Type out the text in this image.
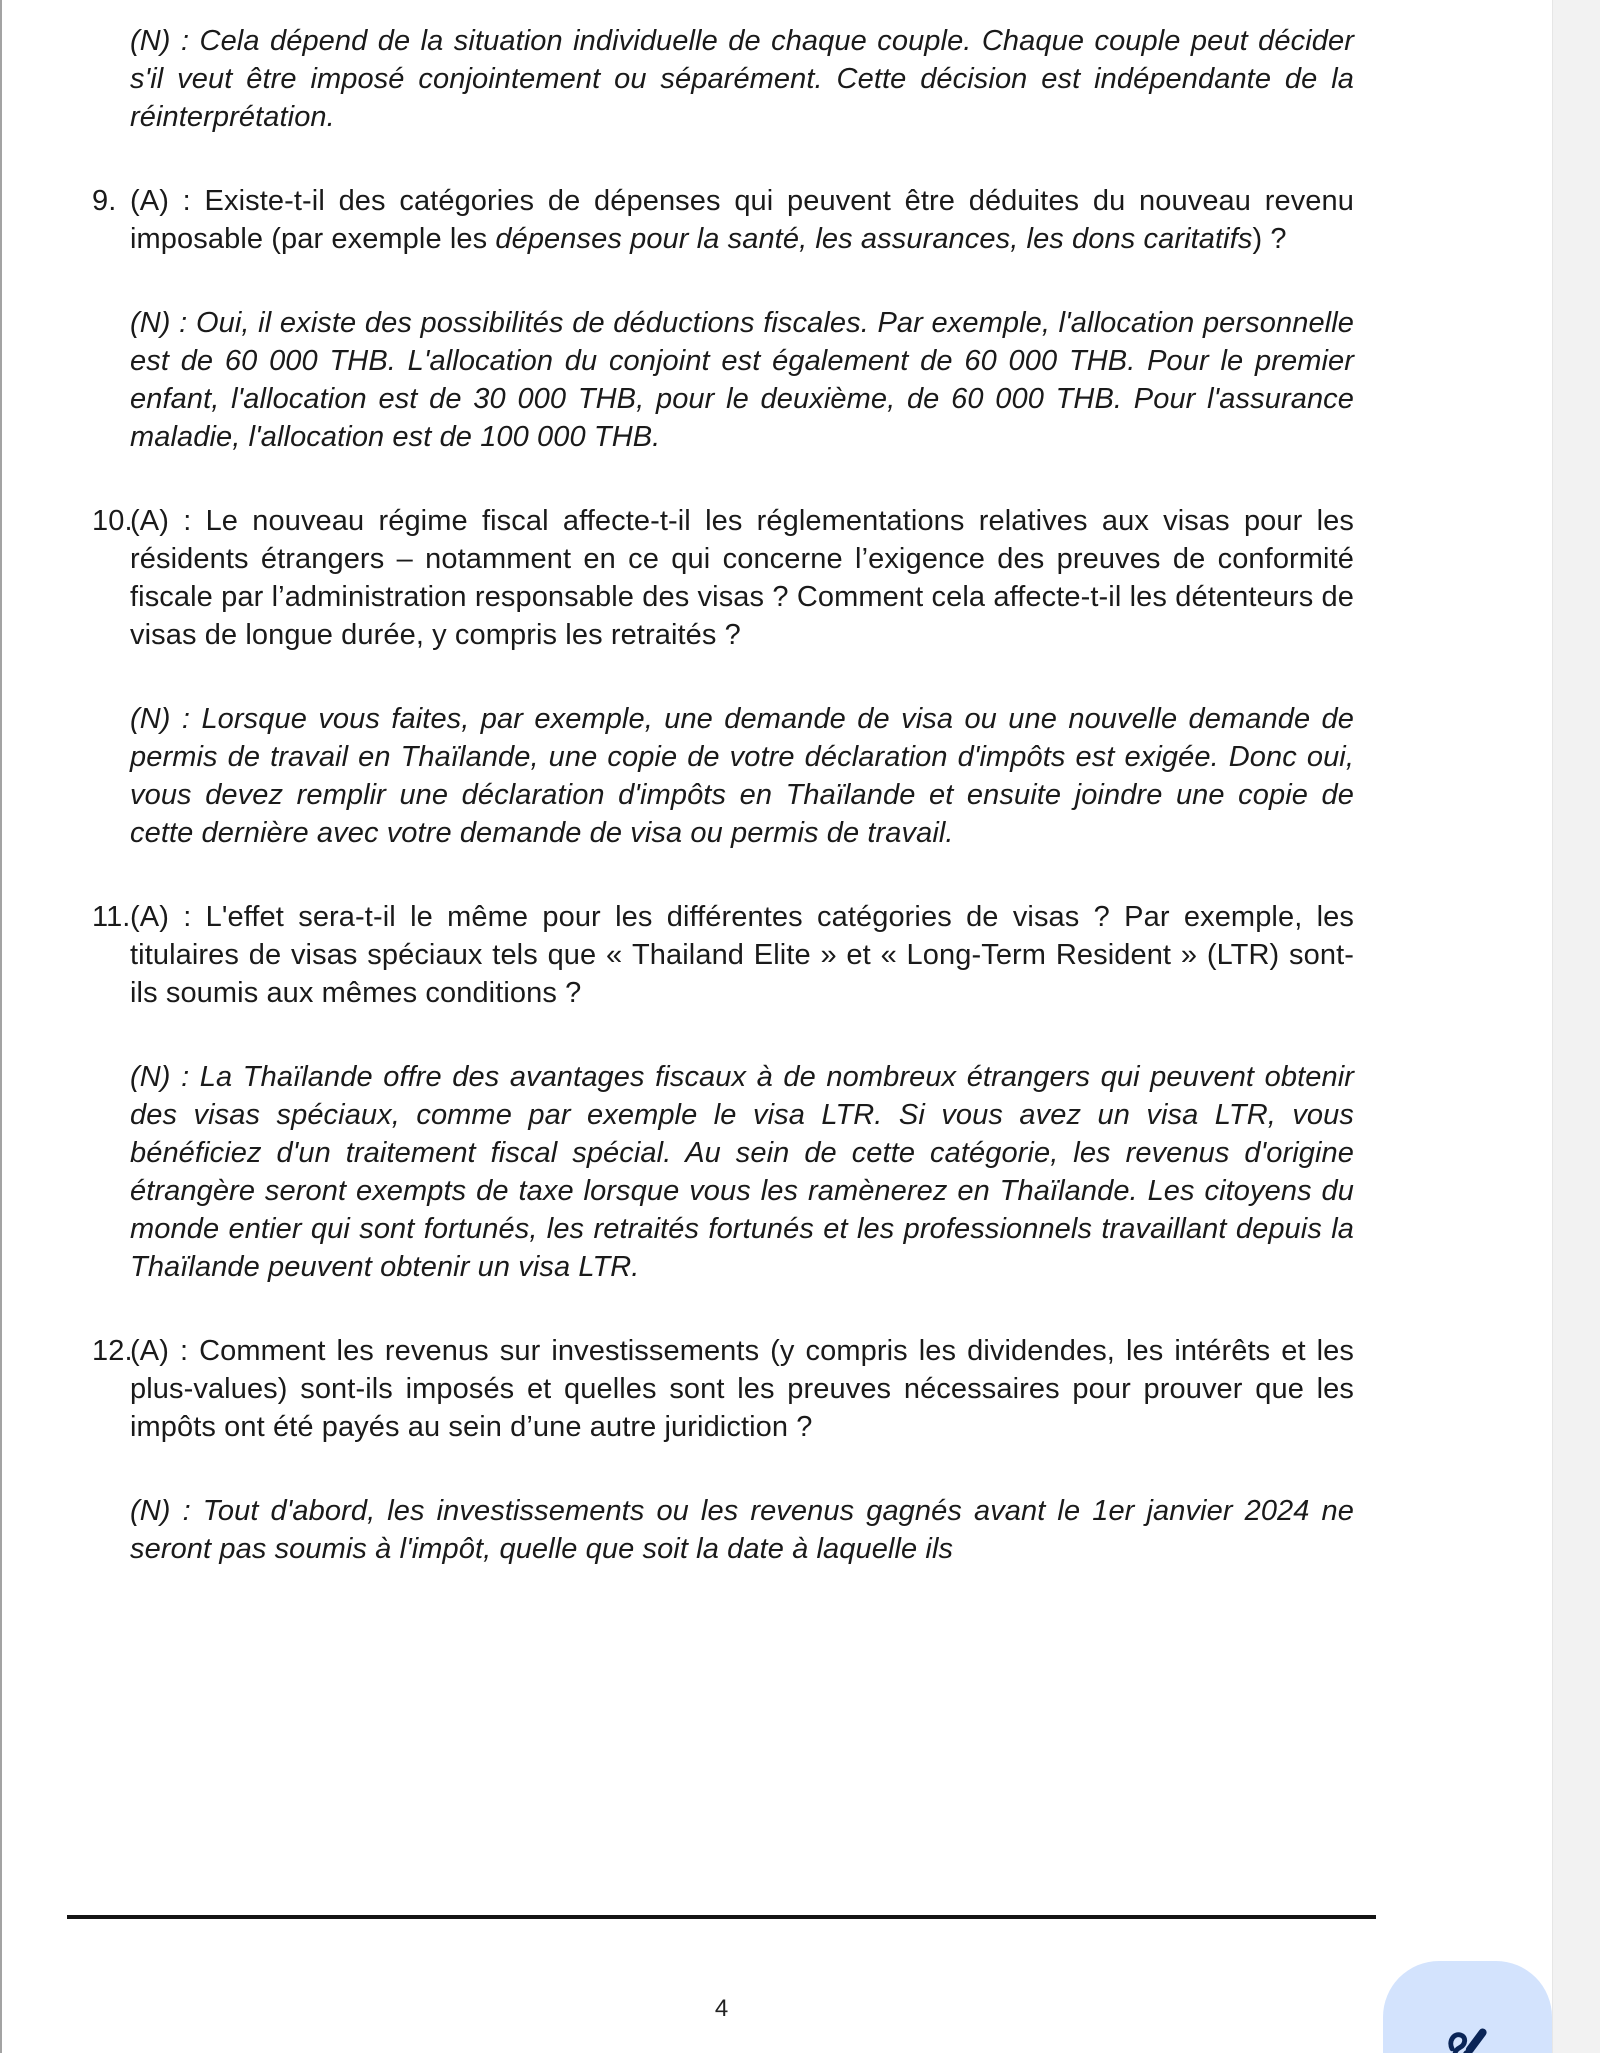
(N) : Cela dépend de la situation individuelle de chaque couple. Chaque couple peut décider s'il veut être imposé conjointement ou séparément. Cette décision est indépendante de la réinterprétation.
9. (A) : Existe-t-il des catégories de dépenses qui peuvent être déduites du nouveau revenu imposable (par exemple les dépenses pour la santé, les assurances, les dons caritatifs) ?
(N) : Oui, il existe des possibilités de déductions fiscales. Par exemple, l'allocation personnelle est de 60 000 THB. L'allocation du conjoint est également de 60 000 THB. Pour le premier enfant, l'allocation est de 30 000 THB, pour le deuxième, de 60 000 THB. Pour l'assurance maladie, l'allocation est de 100 000 THB.
10.
(A) : Le nouveau régime fiscal affecte-t-il les réglementations relatives aux visas pour les résidents étrangers – notamment en ce qui concerne l’exigence des preuves de conformité fiscale par l’administration responsable des visas ? Comment cela affecte-t-il les détenteurs de visas de longue durée, y compris les retraités ?
(N) : Lorsque vous faites, par exemple, une demande de visa ou une nouvelle demande de permis de travail en Thaïlande, une copie de votre déclaration d'impôts est exigée. Donc oui, vous devez remplir une déclaration d'impôts en Thaïlande et ensuite joindre une copie de cette dernière avec votre demande de visa ou permis de travail.
11. (A) : L'effet sera-t-il le même pour les différentes catégories de visas ? Par exemple, les titulaires de visas spéciaux tels que « Thailand Elite » et « Long-Term Resident » (LTR) sont-ils soumis aux mêmes conditions ?
(N) : La Thaïlande offre des avantages fiscaux à de nombreux étrangers qui peuvent obtenir des visas spéciaux, comme par exemple le visa LTR. Si vous avez un visa LTR, vous bénéficiez d'un traitement fiscal spécial. Au sein de cette catégorie, les revenus d'origine étrangère seront exempts de taxe lorsque vous les ramènerez en Thaïlande. Les citoyens du monde entier qui sont fortunés, les retraités fortunés et les professionnels travaillant depuis la Thaïlande peuvent obtenir un visa LTR.
12.
(A) : Comment les revenus sur investissements (y compris les dividendes, les intérêts et les plus-values) sont-ils imposés et quelles sont les preuves nécessaires pour prouver que les impôts ont été payés au sein d’une autre juridiction ?
(N) : Tout d'abord, les investissements ou les revenus gagnés avant le 1er janvier 2024 ne seront pas soumis à l'impôt, quelle que soit la date à laquelle ils
4
